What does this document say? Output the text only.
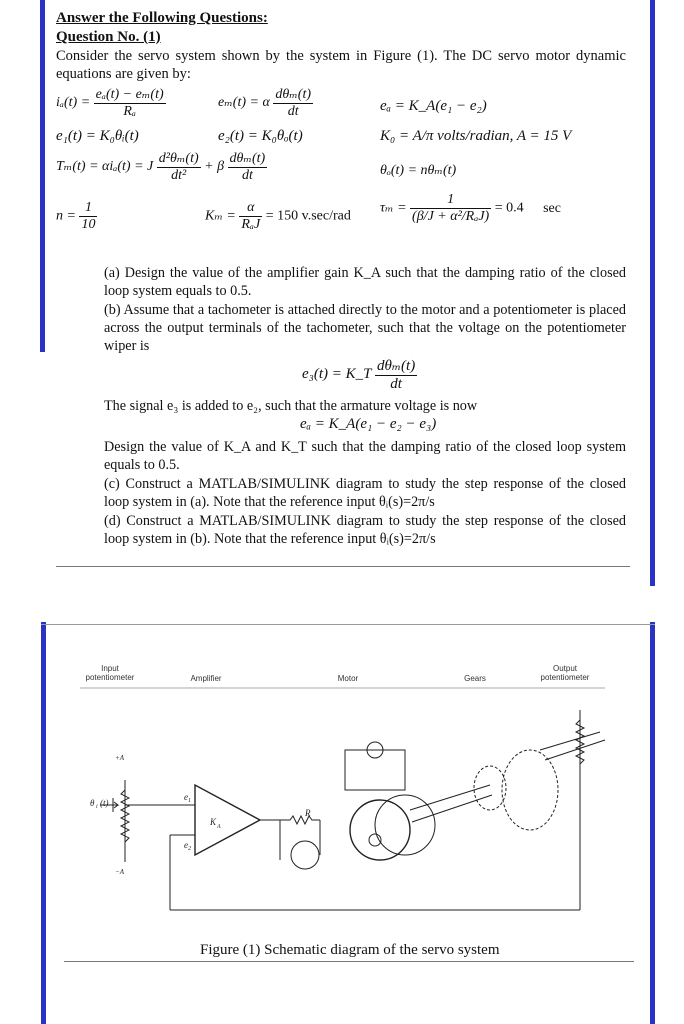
Answer the Following Questions:
Question No. (1)
Consider the servo system shown by the system in Figure (1). The DC servo motor dynamic equations are given by:
$i_a(t) = \frac{\text{eₐ(t) − eₘ(t)}}{\text{Rₐ}}$	eₘ(t) = α $\frac{\text{dθₘ(t)}}{dt}$	eₐ = K_A(e₁ − e₂)
e₁(t) = K₀θᵢ(t)	e₂(t) = K₀θₒ(t)	K₀ = A/π volts/radian, A = 15 V
Tₘ(t) = αiₐ(t) = J $\frac{\text{d²θₘ(t)}}{\text{dt²}} + \beta \frac{\text{dθₘ(t)}}{dt}$	θₒ(t) = nθₘ(t)
$n = \frac{1}{10}$	$K_m = \frac{\alpha}{\text{RₐJ}} = 150$ v.sec/rad
$\tau_m = \frac{1}{\text{(β/J + α²/RₐJ)}} = 0.4$ sec
(a) Design the value of the amplifier gain K_A such that the damping ratio of the closed loop system equals to 0.5.
(b) Assume that a tachometer is attached directly to the motor and a potentiometer is placed across the output terminals of the tachometer, such that the voltage on the potentiometer wiper is
e₃(t) = K_T $\frac{\text{dθₘ(t)}}{dt}$
The signal e₃ is added to e₂, such that the armature voltage is now
eₐ = K_A(e₁ − e₂ − e₃)
Design the value of K_A and K_T such that the damping ratio of the closed loop system equals to 0.5.
(c) Construct a MATLAB/SIMULINK diagram to study the step response of the closed loop system in (a). Note that the reference input θᵢ(s)=2π/s
(d) Construct a MATLAB/SIMULINK diagram to study the step response of the closed loop system in (b). Note that the reference input θᵢ(s)=2π/s
K A
e 1
e 2
θ i (t)
R
+A
−A
Input potentiometer	Amplifier	Motor	Gears
Output potentiometer
Figure (1) Schematic diagram of the servo system
